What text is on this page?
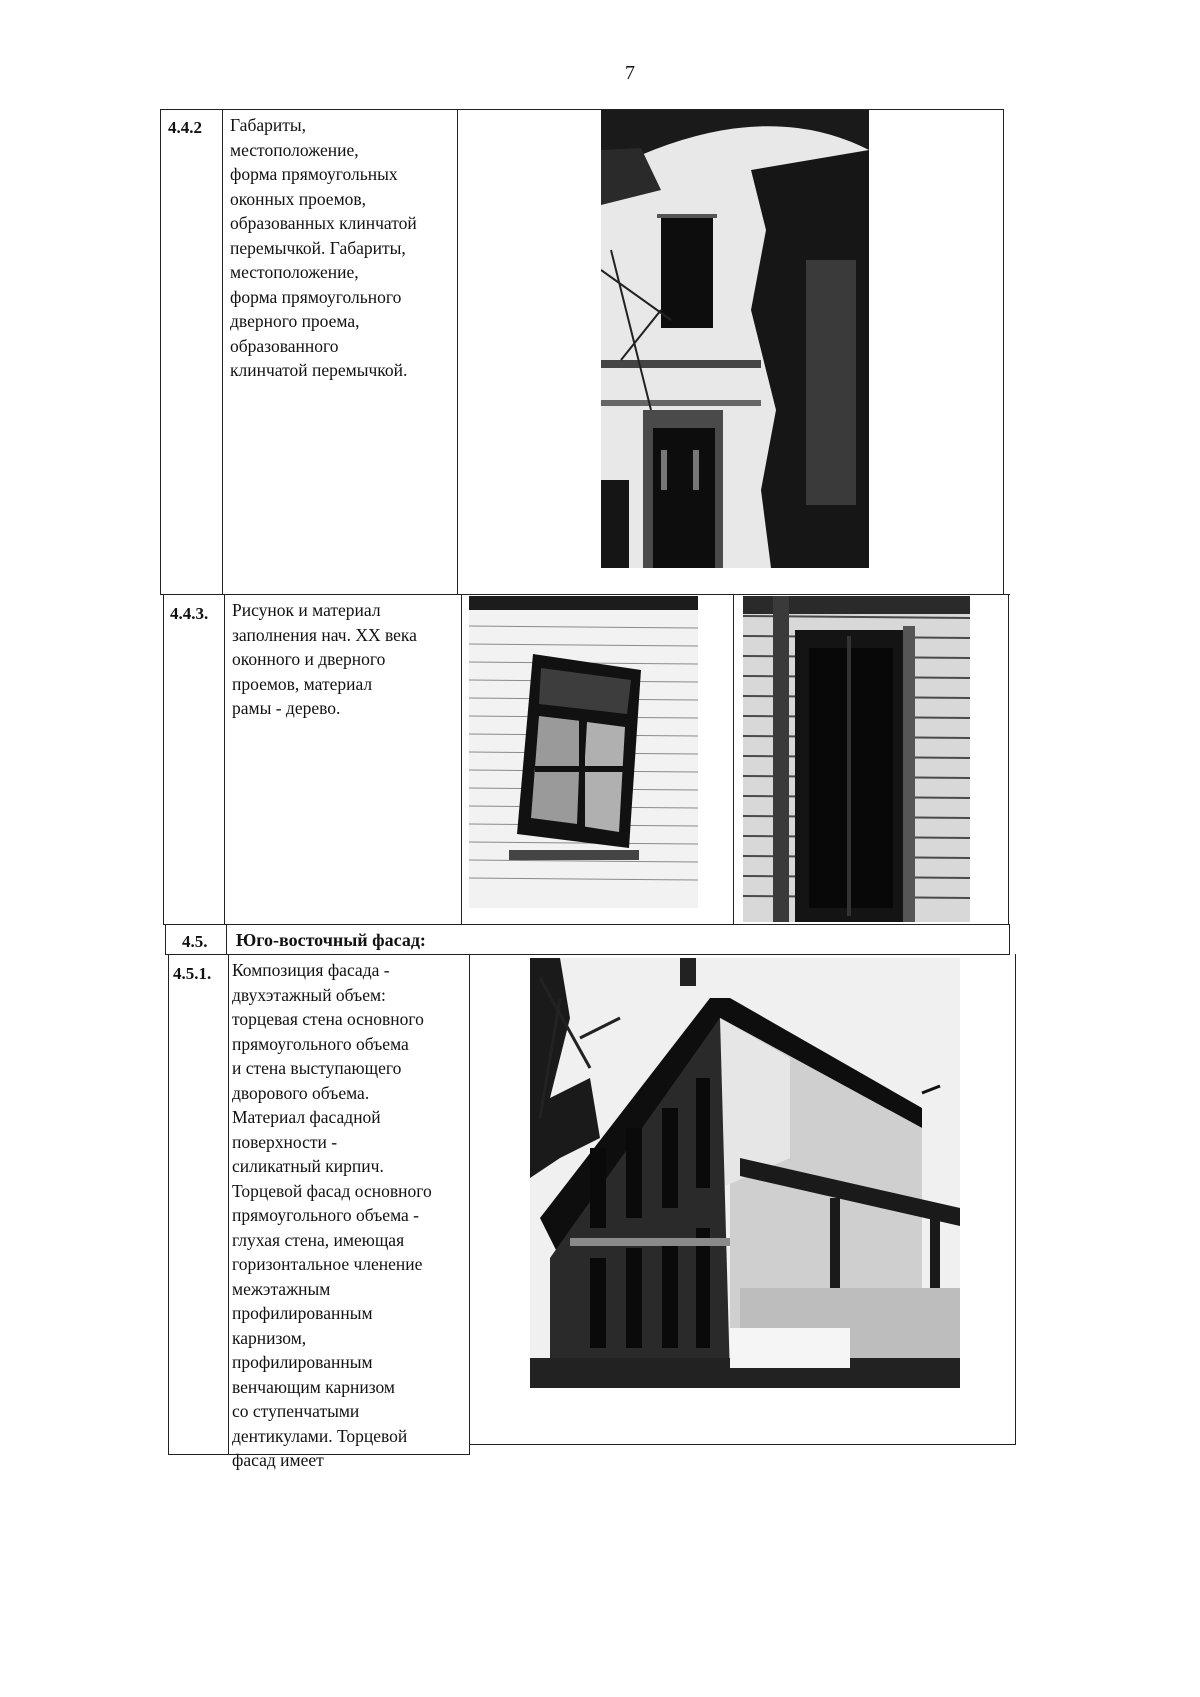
7
4.4.2 Габариты,

местоположение,

форма прямоугольных

оконных проемов,

образованных клинчатой

перемычкой. Габариты,

местоположение,

форма прямоугольного

дверного проема,

образованного

клинчатой перемычкой.

4.4.3. Рисунок и материал

заполнения нач. XX века

оконного и дверного

проемов, материал

рамы - дерево.

4.5. Юго-восточный фасад:
4.5.1. Композиция фасада -

двухэтажный объем:

торцевая стена основного

прямоугольного объема

и стена выступающего

дворового объема.

Материал фасадной

поверхности -

силикатный кирпич.

Торцевой фасад основного

прямоугольного объема -

глухая стена, имеющая

горизонтальное членение

межэтажным

профилированным

карнизом,

профилированным

венчающим карнизом

со ступенчатыми

дентикулами. Торцевой

фасад имеет
